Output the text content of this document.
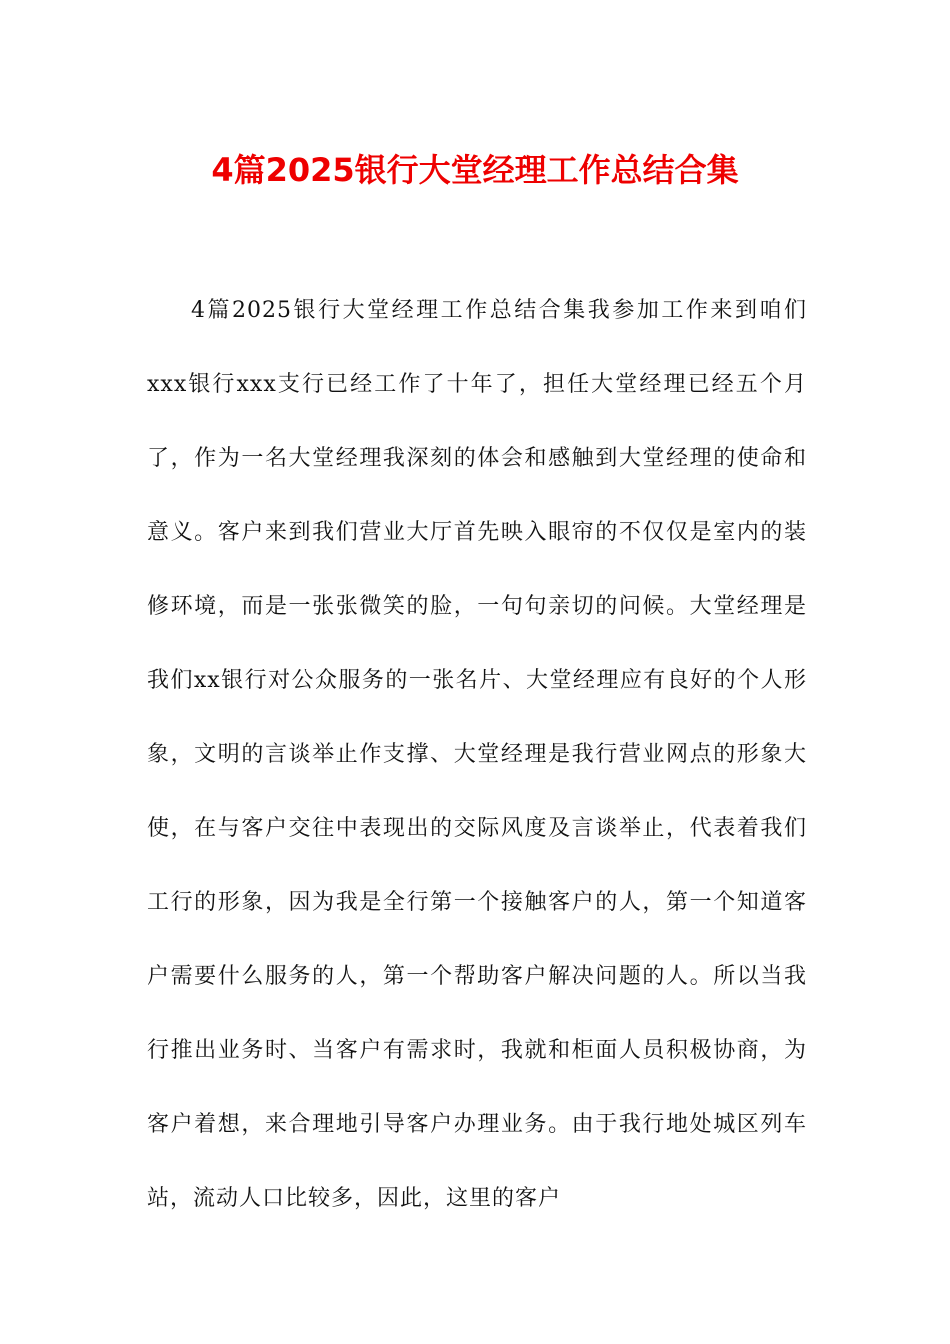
4篇2025银行大堂经理工作总结合集

4篇2025银行大堂经理工作总结合集我参加工作来到咱们xxx银行xxx支行已经工作了十年了，担任大堂经理已经五个月了，作为一名大堂经理我深刻的体会和感触到大堂经理的使命和意义。客户来到我们营业大厅首先映入眼帘的不仅仅是室内的装修环境，而是一张张微笑的脸，一句句亲切的问候。大堂经理是我们xx银行对公众服务的一张名片、大堂经理应有良好的个人形象，文明的言谈举止作支撑、大堂经理是我行营业网点的形象大使，在与客户交往中表现出的交际风度及言谈举止，代表着我们工行的形象，因为我是全行第一个接触客户的人，第一个知道客户需要什么服务的人，第一个帮助客户解决问题的人。所以当我行推出业务时、当客户有需求时，我就和柜面人员积极协商，为客户着想，来合理地引导客户办理业务。由于我行地处城区列车站，流动人口比较多，因此，这里的客户
